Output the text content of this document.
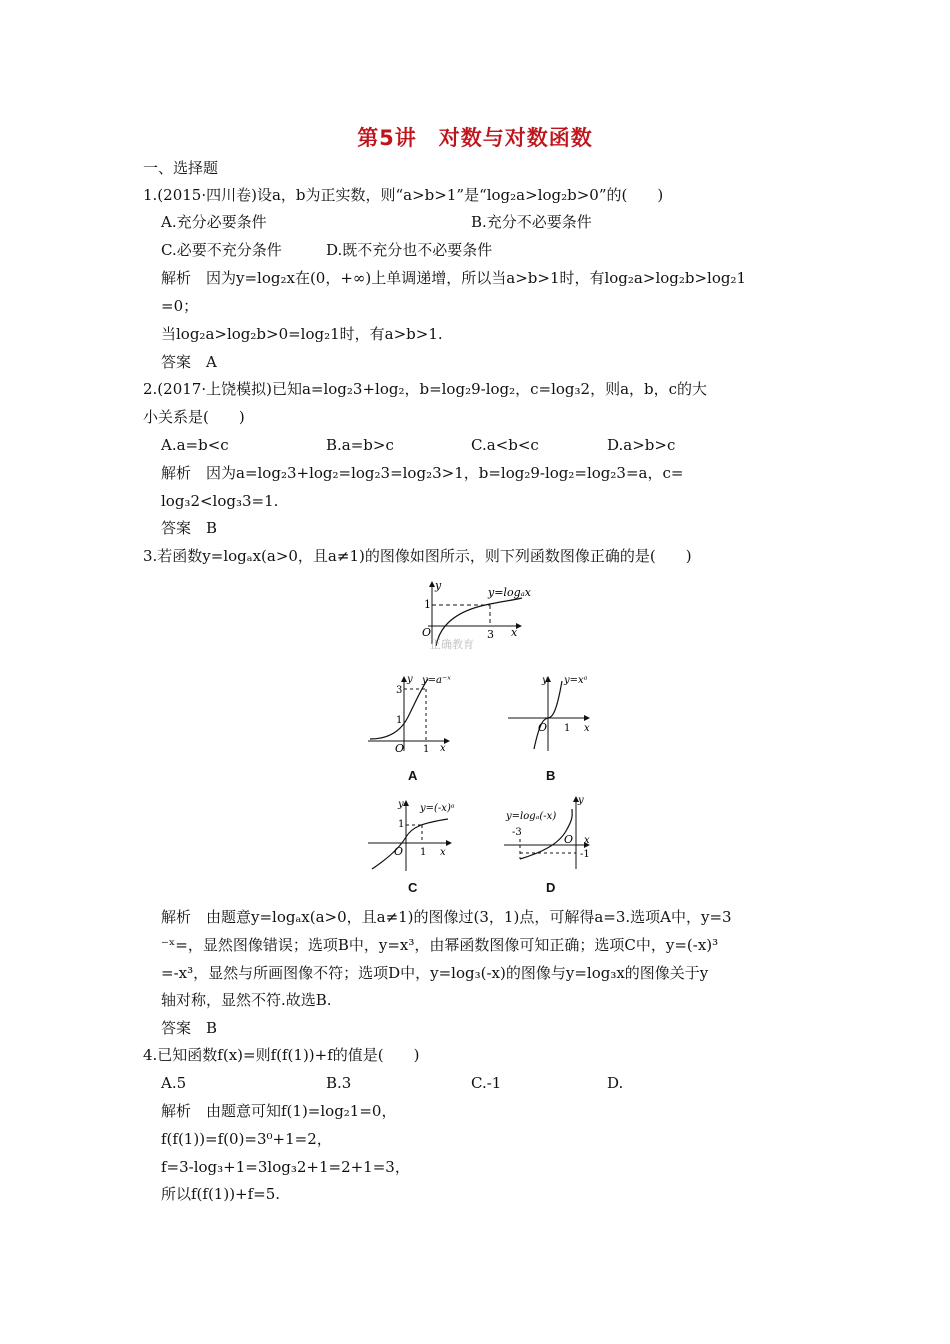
第5讲　对数与对数函数
一、选择题
1.(2015·四川卷)设a，b为正实数，则“a>b>1”是“log₂a>log₂b>0”的(　　)
A.充分必要条件	B.充分不必要条件
C.必要不充分条件	D.既不充分也不必要条件
解析　因为y=log₂x在(0，+∞)上单调递增，所以当a>b>1时，有log₂a>log₂b>log₂1
=0；
当log₂a>log₂b>0=log₂1时，有a>b>1.
答案　A
2.(2017·上饶模拟)已知a=log₂3+log₂，b=log₂9-log₂，c=log₃2，则a，b，c的大
小关系是(　　)
A.a=b<c	B.a=b>c	C.a<b<c	D.a>b>c
解析　因为a=log₂3+log₂=log₂3=log₂3>1，b=log₂9-log₂=log₂3=a，c=
log₃2<log₃3=1.
答案　B
3.若函数y=logₐx(a>0，且a≠1)的图像如图所示，则下列函数图像正确的是(　　)
y
1
y=logₐx
O	3 x
正确教育
y y=a⁻ˣ
3
1
O 1 x
A
y y=xᵃ
O 1 x
B
y y=(-x)ᵃ
1
O 1 x
C
y
y=logₐ(-x)
-3
O x
-1
D
解析　由题意y=logₐx(a>0，且a≠1)的图像过(3，1)点，可解得a=3.选项A中，y=3
⁻ˣ=，显然图像错误；选项B中，y=x³，由幂函数图像可知正确；选项C中，y=(-x)³
=-x³，显然与所画图像不符；选项D中，y=log₃(-x)的图像与y=log₃x的图像关于y
轴对称，显然不符.故选B.
答案　B
4.已知函数f(x)=则f(f(1))+f的值是(　　)
A.5	B.3	C.-1	D.
解析　由题意可知f(1)=log₂1=0，
f(f(1))=f(0)=3⁰+1=2，
f=3-log₃+1=3log₃2+1=2+1=3，
所以f(f(1))+f=5.
